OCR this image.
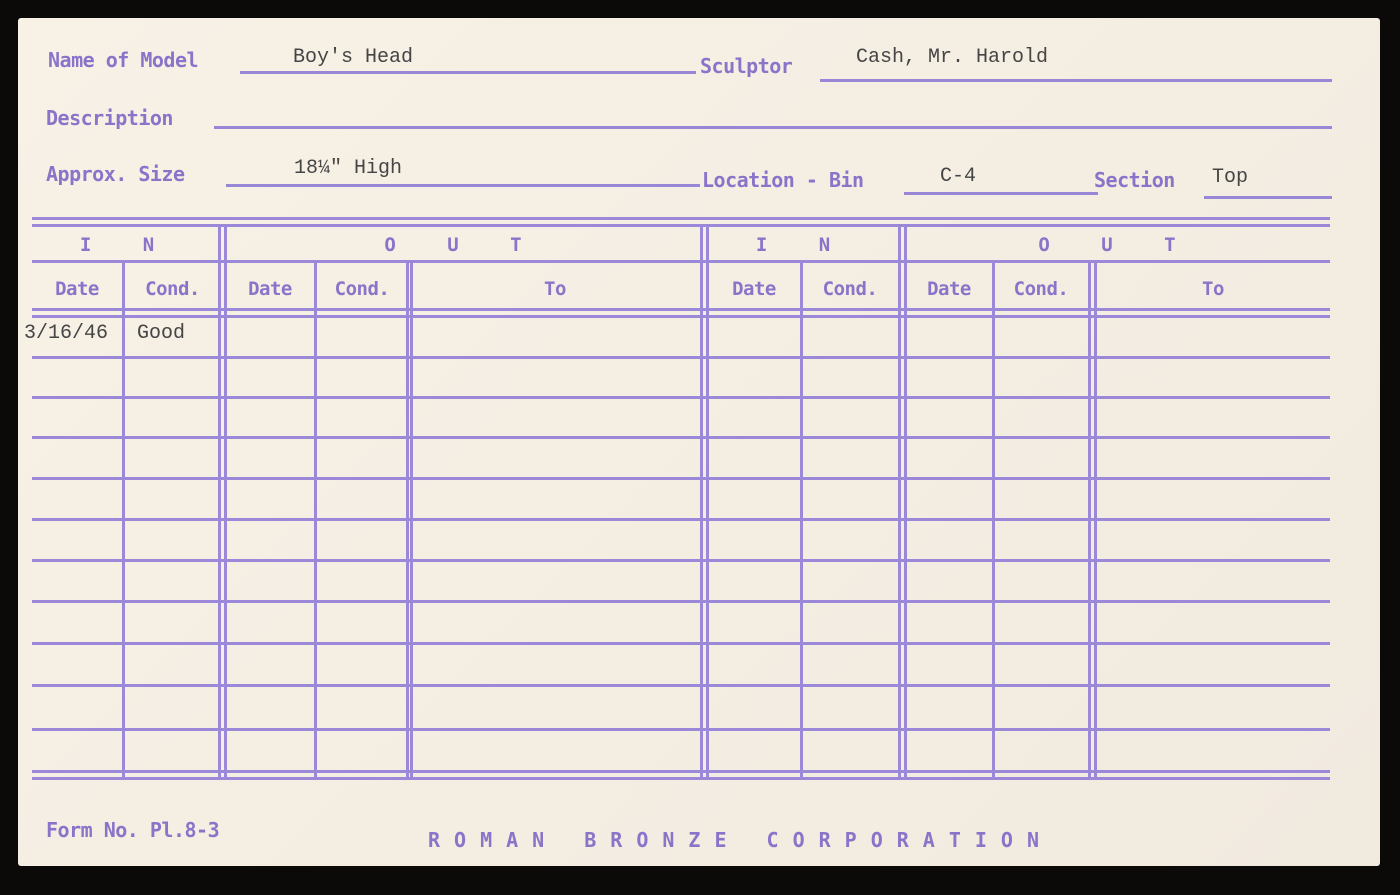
Name of Model	Boy's Head	Sculptor	Cash, Mr. Harold
Description
Approx. Size	18¼" High	Location - Bin	C-4	Section Top
I N	O U T	I N	O U T
Date	Cond.	Date	Cond.	To	Date	Cond.	Date	Cond.	To
3/16/46 Good
Form No. Pl.8-3	ROMAN BRONZE CORPORATION
